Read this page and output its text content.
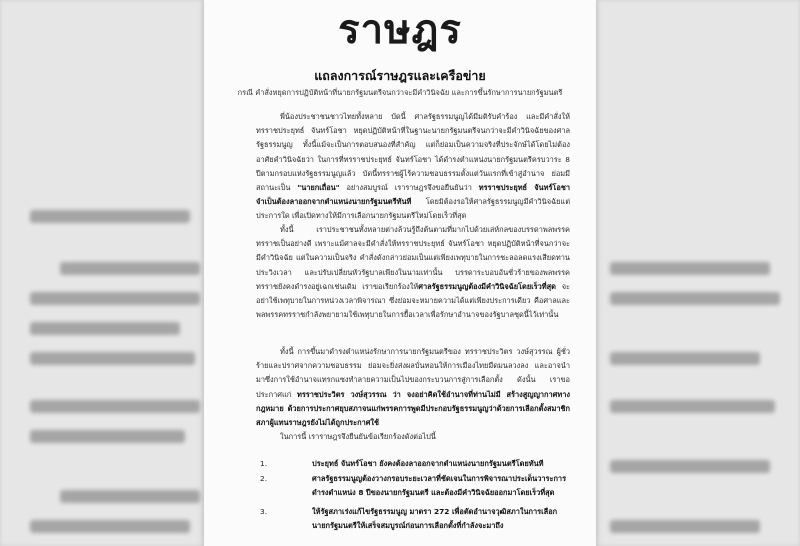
ราษฎร
แถลงการณ์ราษฎรและเครือข่าย
กรณี คำสั่งหยุดการปฏิบัติหน้าที่นายกรัฐมนตรีจนกว่าจะมีคำวินิจฉัย และการขึ้นรักษาการนายกรัฐมนตรี
พี่น้องประชาชนชาวไทยทั้งหลาย บัดนี้ ศาลรัฐธรรมนูญได้มีมติรับคำร้อง และมีคำสั่งให้ทรราชประยุทธ์ จันทร์โอชา หยุดปฏิบัติหน้าที่ในฐานะนายกรัฐมนตรีจนกว่าจะมีคำวินิจฉัยของศาลรัฐธรรมนูญ ทั้งนี้แม้จะเป็นการตอบสนองที่สำคัญ แต่ก็ย่อมเป็นความจริงที่ประจักษ์ได้โดยไม่ต้องอาศัยคำวินิจฉัยว่า ในการที่ทรราชประยุทธ์ จันทร์โอชา ได้ดำรงตำแหน่งนายกรัฐมนตรีครบวาระ 8 ปีตามกรอบแห่งรัฐธรรมนูญแล้ว บัดนี้ทรราชผู้ไร้ความชอบธรรมตั้งแต่วันแรกที่เข้าสู่อำนาจ ย่อมมีสถานะเป็น "นายกเถื่อน" อย่างสมบูรณ์ เราราษฎรจึงขอยืนยันว่า ทรราชประยุทธ์ จันทร์โอชา จำเป็นต้องลาออกจากตำแหน่งนายกรัฐมนตรีทันที โดยมิต้องรอให้ศาลรัฐธรรมนูญมีคำวินิจฉัยแต่ประการใด เพื่อเปิดทางให้มีการเลือกนายกรัฐมนตรีใหม่โดยเร็วที่สุด
ทั้งนี้ เราประชาชนทั้งหลายต่างล้วนรู้ถึงต้นตามที่มากไปด้วยเล่ห์กลของบรรดาพลพรรคทรราชเป็นอย่างดี เพราะแม้ศาลจะมีคำสั่งให้ทรราชประยุทธ์ จันทร์โอชา หยุดปฏิบัติหน้าที่จนกว่าจะมีคำวินิจฉัย แต่ในความเป็นจริง คำสั่งดังกล่าวย่อมเป็นแต่เพียงเพทุบายในการชะลอลดแรงเสียดทาน ประวิงเวลา และปรับเปลี่ยนหัวรัฐบาลเพียงในนามเท่านั้น บรรดาระบอบอันชั่วร้ายของพลพรรคทรราชยังคงดำรงอยู่เฉกเช่นเดิม เราขอเรียกร้องให้ศาลรัฐธรรมนูญต้องมีคำวินิจฉัยโดยเร็วที่สุด จะอย่าใช้เพทุบายในการหน่วงเวลาพิจารณา ซึ่งย่อมจะหมายความได้แต่เพียงประการเดียว คือศาลและพลพรรคทรราชกำลังพยายามใช้เพทุบายในการยื้อเวลาเพื่อรักษาอำนาจของรัฐบาลชุดนี้ไว้เท่านั้น
ทั้งนี้ การขึ้นมาดำรงตำแหน่งรักษาการนายกรัฐมนตรีของ ทรราชประวิตร วงษ์สุวรรณ ผู้ชั่วร้ายและปราศจากความชอบธรรม ย่อมจะยิ่งส่งผลบั่นทอนให้การเมืองไทยมืดมนลวงลง และอาจนำมาซึ่งการใช้อำนาจแทรกแซงทำลายความเป็นไปของกระบวนการสู่การเลือกตั้ง ดังนั้น เราขอประกาศแก่ ทรราชประวิตร วงษ์สุวรรณ ว่า จงอย่าคิดใช้อำนาจที่ท่านไม่มี สร้างสูญญากาศทางกฎหมาย ด้วยการประกาศยุบสภาจนแก่พรรคการพูดมีประกอบรัฐธรรมนูญว่าด้วยการเลือกตั้งสมาชิกสภาผู้แทนราษฎรยังไม่ได้ถูกประกาศใช้
ในการนี้ เราราษฎรจึงยืนยันข้อเรียกร้องดังต่อไปนี้
1.	ประยุทธ์ จันทร์โอชา ยังคงต้องลาออกจากตำแหน่งนายกรัฐมนตรีโดยทันที
2.	ศาลรัฐธรรมนูญต้องวางกรอบระยะเวลาที่ชัดเจนในการพิจารณาประเด็นวาระการดำรงตำแหน่ง 8 ปีของนายกรัฐมนตรี และต้องมีคำวินิจฉัยออกมาโดยเร็วที่สุด
3.	ให้รัฐสภาเร่งแก้ไขรัฐธรรมนูญ มาตรา 272 เพื่อตัดอำนาจวุฒิสภาในการเลือกนายกรัฐมนตรีให้เสร็จสมบูรณ์ก่อนการเลือกตั้งที่กำลังจะมาถึง
